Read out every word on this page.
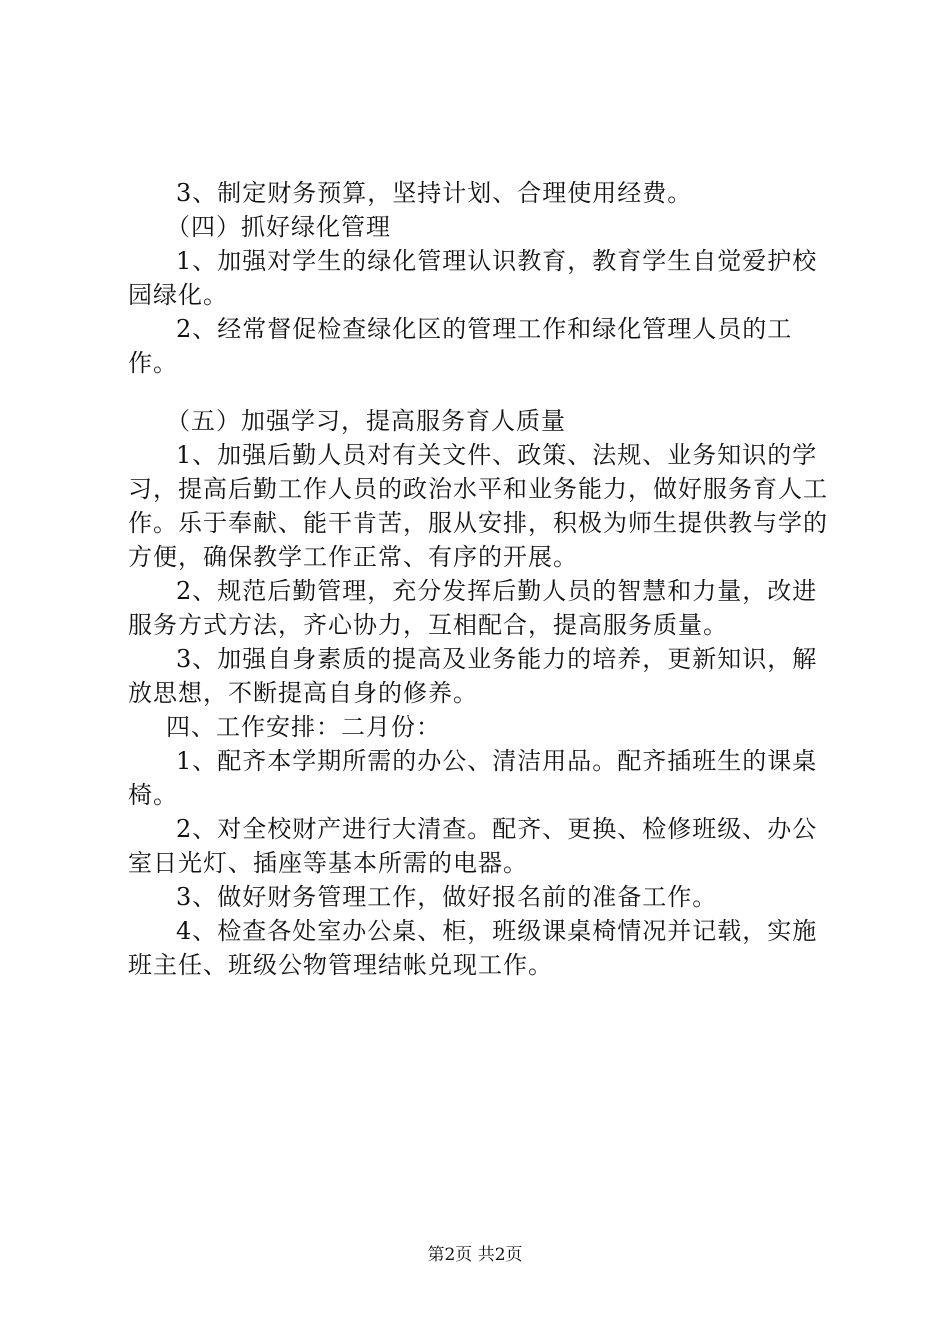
3、制定财务预算，坚持计划、合理使用经费。

（四）抓好绿化管理

1、加强对学生的绿化管理认识教育，教育学生自觉爱护校园绿化。

2、经常督促检查绿化区的管理工作和绿化管理人员的工作。

（五）加强学习，提高服务育人质量

1、加强后勤人员对有关文件、政策、法规、业务知识的学习，提高后勤工作人员的政治水平和业务能力，做好服务育人工作。乐于奉献、能干肯苦，服从安排，积极为师生提供教与学的方便，确保教学工作正常、有序的开展。

2、规范后勤管理，充分发挥后勤人员的智慧和力量，改进服务方式方法，齐心协力，互相配合，提高服务质量。

3、加强自身素质的提高及业务能力的培养，更新知识，解放思想，不断提高自身的修养。

四、工作安排：二月份：

1、配齐本学期所需的办公、清洁用品。配齐插班生的课桌椅。

2、对全校财产进行大清查。配齐、更换、检修班级、办公室日光灯、插座等基本所需的电器。

3、做好财务管理工作，做好报名前的准备工作。

4、检查各处室办公桌、柜，班级课桌椅情况并记载，实施班主任、班级公物管理结帐兑现工作。

第2页 共2页
